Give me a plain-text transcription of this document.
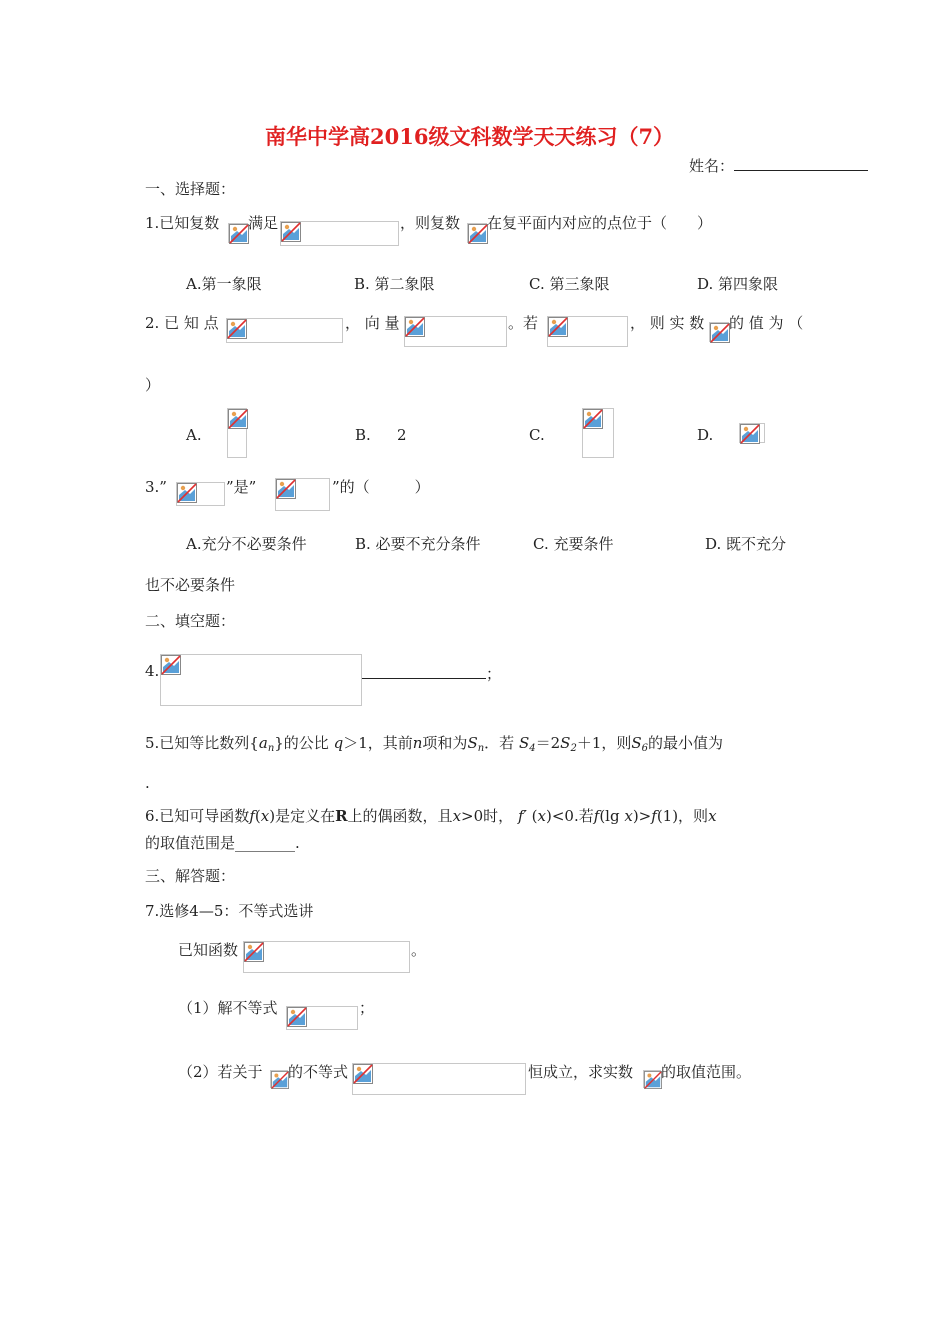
南华中学高2016级文科数学天天练习（7）
姓名：
一、选择题：
1.已知复数 满足	，则复数 在复平面内对应的点位于（　　）
A.第一象限	B. 第二象限	C. 第三象限	D. 第四象限
2. 已 知 点	， 向 量	。若	， 则 实 数 的 值 为 （
）
A.	B. 2	C.	D.
3.”	”是”	”的（　　　）
A.充分不必要条件	B. 必要不充分条件	C. 充要条件	D. 既不充分
也不必要条件
二、填空题：
4.	；
5.已知等比数列$\{a_n\}$的公比 q＞1，其前n项和为$S_n$．若 $S_4=2S_2+1$，则$S_6$的最小值为
.
6.已知可导函数f(x)是定义在R上的偶函数，且x>0时， f′ (x)<0.若f(lg x)>f(1)，则x
的取值范围是________.
三、解答题：
7.选修4—5：不等式选讲
已知函数	。
（1）解不等式	；
（2）若关于 的不等式	恒成立，求实数 的取值范围。
